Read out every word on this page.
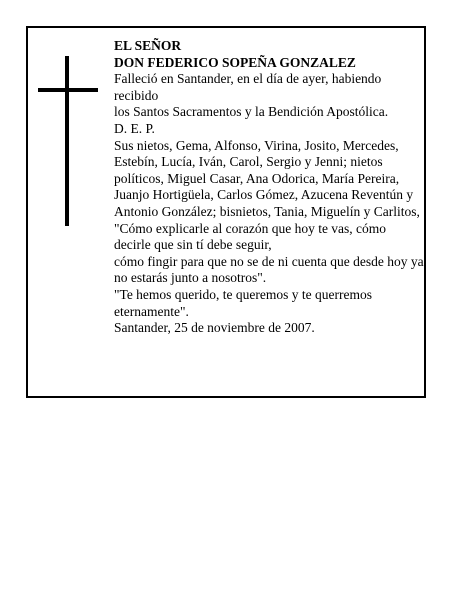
EL SEÑOR

DON FEDERICO SOPEÑA GONZALEZ

Falleció en Santander, en el día de ayer, habiendo recibido

los Santos Sacramentos y la Bendición Apostólica.

D. E. P.

Sus nietos, Gema, Alfonso, Virina, Josito, Mercedes, Estebín, Lucía, Iván, Carol, Sergio y Jenni; nietos políticos, Miguel Casar, Ana Odorica, María Pereira, Juanjo Hortigüela, Carlos Gómez, Azucena Reventún y Antonio González; bisnietos, Tania, Miguelín y Carlitos,

"Cómo explicarle al corazón que hoy te vas, cómo decirle que sin tí debe seguir,

cómo fingir para que no se de ni cuenta que desde hoy ya no estarás junto a nosotros".

"Te hemos querido, te queremos y te querremos eternamente".

Santander, 25 de noviembre de 2007.
